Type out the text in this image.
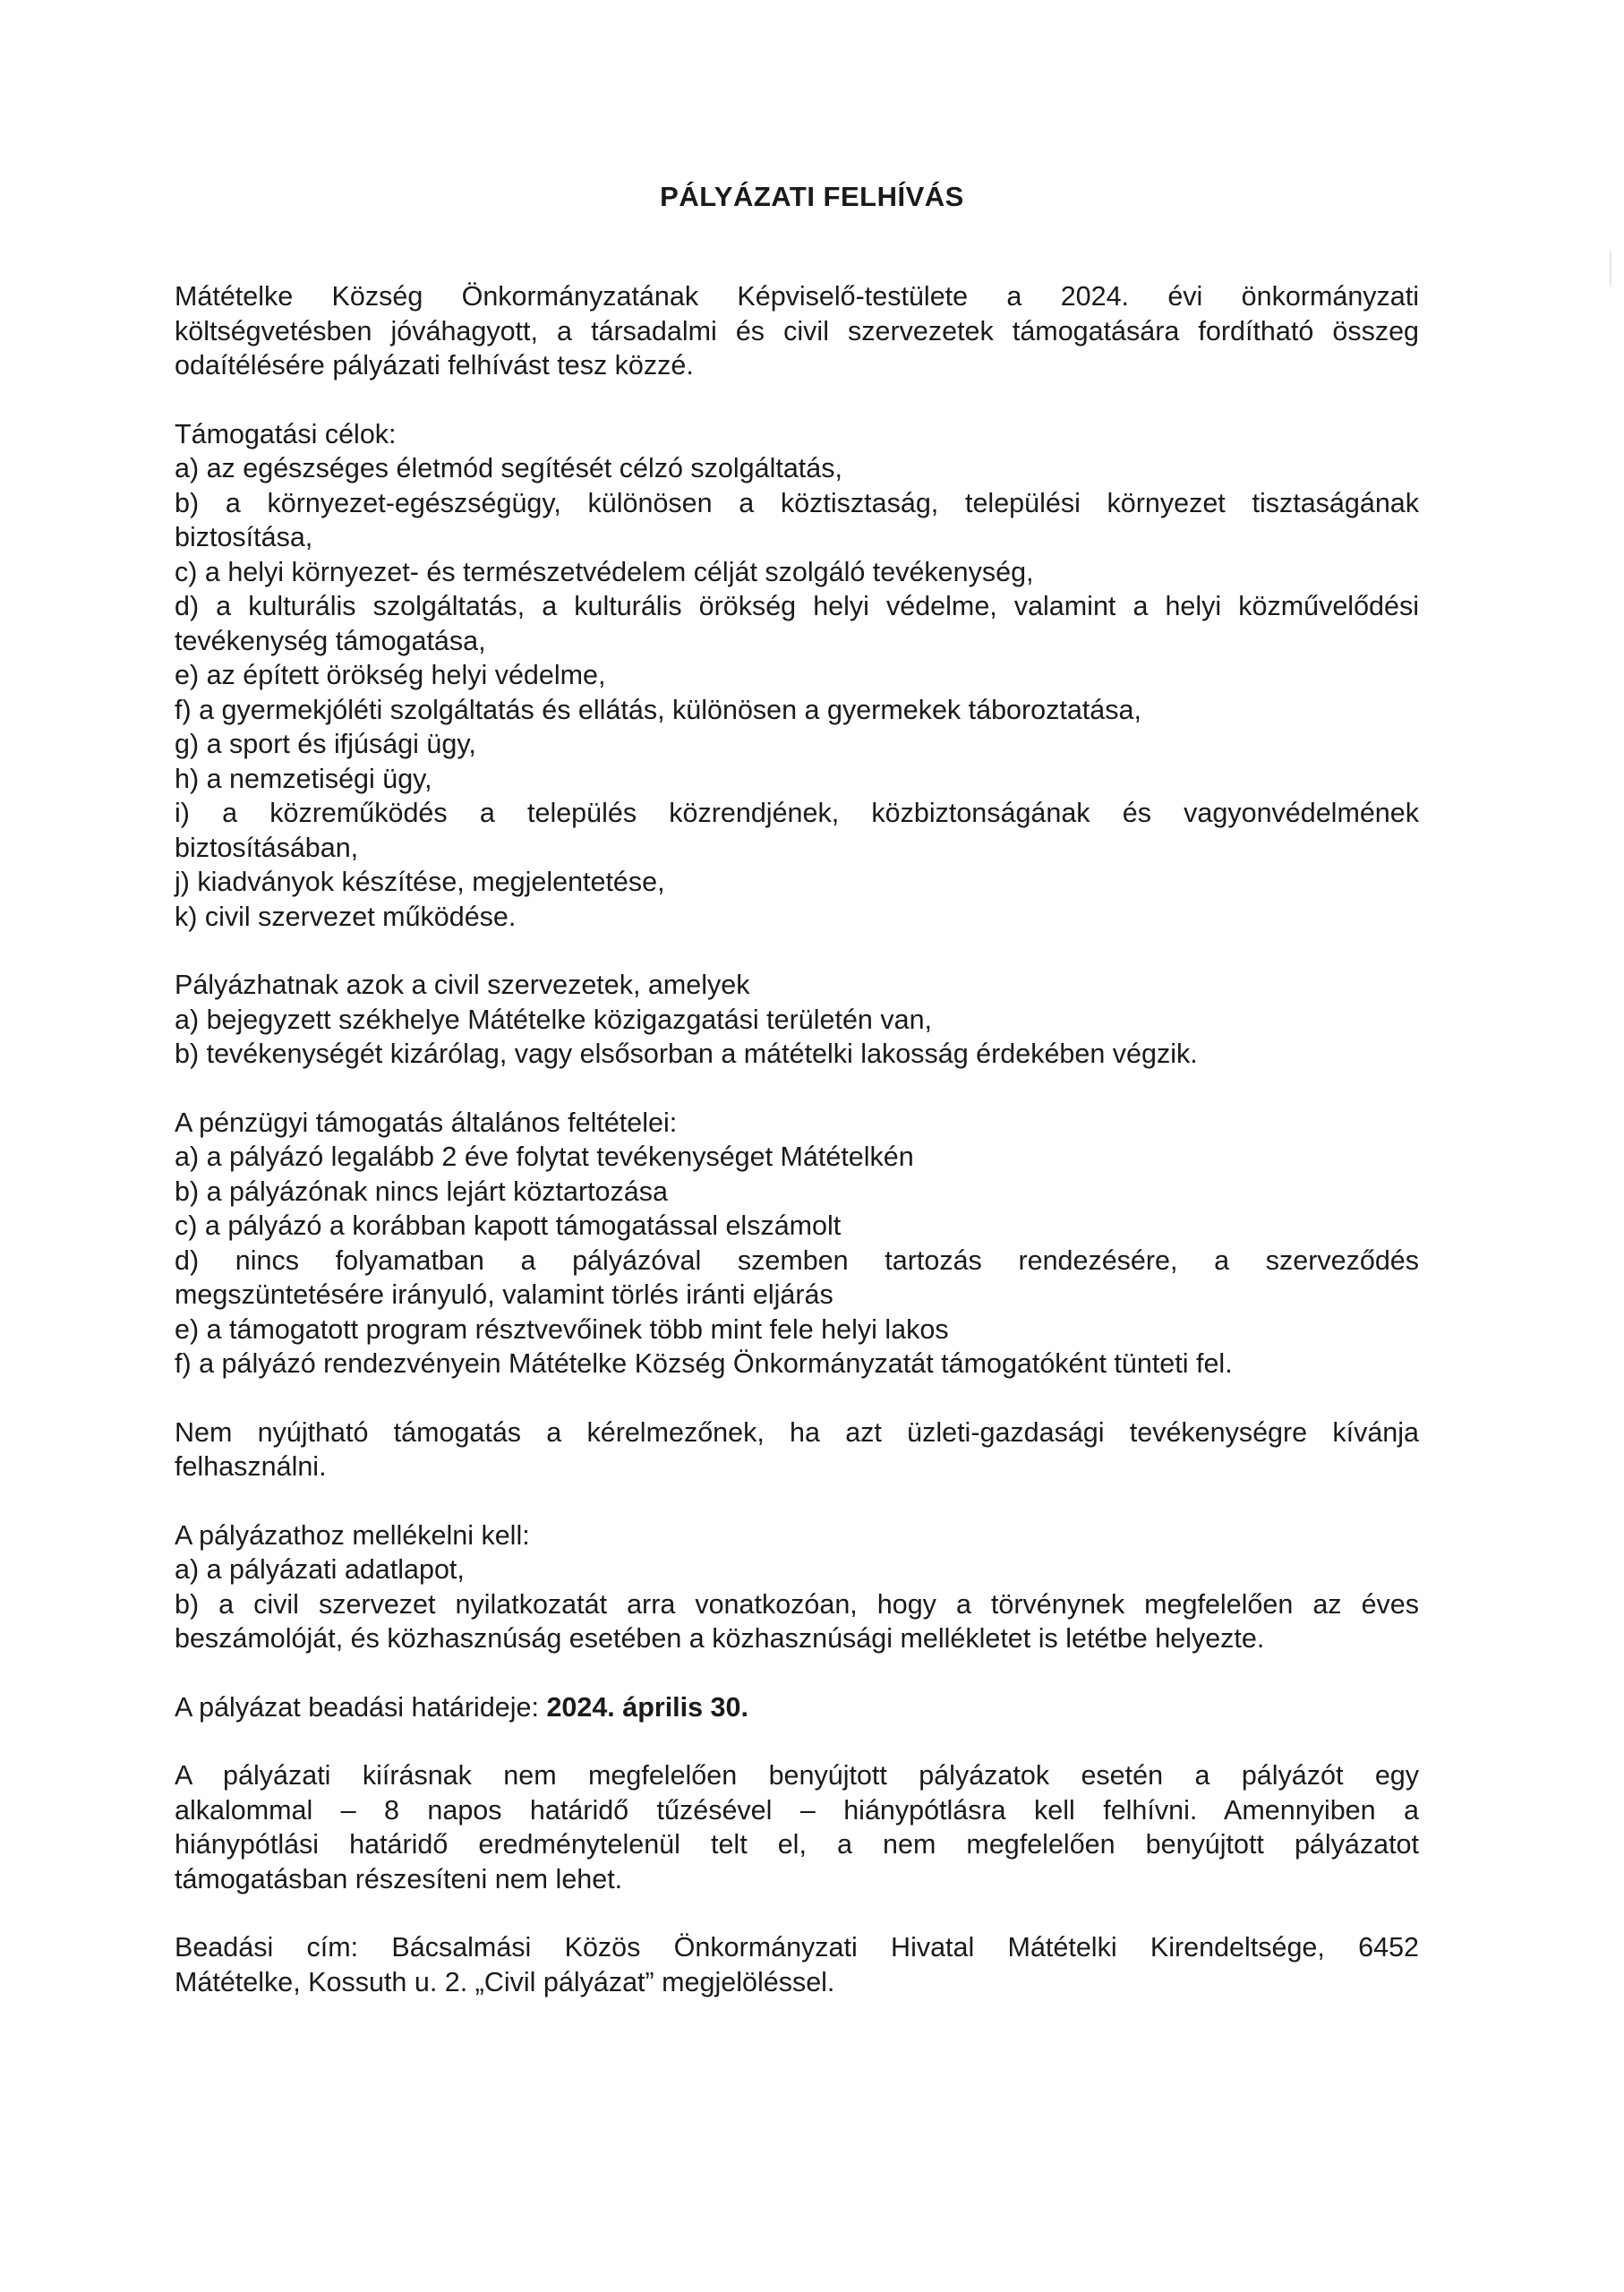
PÁLYÁZATI FELHÍVÁS
Mátételke Község Önkormányzatának Képviselő-testülete a 2024. évi önkormányzati
költségvetésben jóváhagyott, a társadalmi és civil szervezetek támogatására fordítható összeg
odaítélésére pályázati felhívást tesz közzé.
Támogatási célok:
a) az egészséges életmód segítését célzó szolgáltatás,
b) a környezet-egészségügy, különösen a köztisztaság, települési környezet tisztaságának
biztosítása,
c) a helyi környezet- és természetvédelem célját szolgáló tevékenység,
d) a kulturális szolgáltatás, a kulturális örökség helyi védelme, valamint a helyi közművelődési
tevékenység támogatása,
e) az épített örökség helyi védelme,
f) a gyermekjóléti szolgáltatás és ellátás, különösen a gyermekek táboroztatása,
g) a sport és ifjúsági ügy,
h) a nemzetiségi ügy,
i) a közreműködés a település közrendjének, közbiztonságának és vagyonvédelmének
biztosításában,
j) kiadványok készítése, megjelentetése,
k) civil szervezet működése.
Pályázhatnak azok a civil szervezetek, amelyek
a) bejegyzett székhelye Mátételke közigazgatási területén van,
b) tevékenységét kizárólag, vagy elsősorban a mátételki lakosság érdekében végzik.
A pénzügyi támogatás általános feltételei:
a) a pályázó legalább 2 éve folytat tevékenységet Mátételkén
b) a pályázónak nincs lejárt köztartozása
c) a pályázó a korábban kapott támogatással elszámolt
d) nincs folyamatban a pályázóval szemben tartozás rendezésére, a szerveződés
megszüntetésére irányuló, valamint törlés iránti eljárás
e) a támogatott program résztvevőinek több mint fele helyi lakos
f) a pályázó rendezvényein Mátételke Község Önkormányzatát támogatóként tünteti fel.
Nem nyújtható támogatás a kérelmezőnek, ha azt üzleti-gazdasági tevékenységre kívánja
felhasználni.
A pályázathoz mellékelni kell:
a) a pályázati adatlapot,
b) a civil szervezet nyilatkozatát arra vonatkozóan, hogy a törvénynek megfelelően az éves
beszámolóját, és közhasznúság esetében a közhasznúsági mellékletet is letétbe helyezte.
A pályázat beadási határideje: 2024. április 30.
A pályázati kiírásnak nem megfelelően benyújtott pályázatok esetén a pályázót egy
alkalommal – 8 napos határidő tűzésével – hiánypótlásra kell felhívni. Amennyiben a
hiánypótlási határidő eredménytelenül telt el, a nem megfelelően benyújtott pályázatot
támogatásban részesíteni nem lehet.
Beadási cím: Bácsalmási Közös Önkormányzati Hivatal Mátételki Kirendeltsége, 6452
Mátételke, Kossuth u. 2. „Civil pályázat” megjelöléssel.
